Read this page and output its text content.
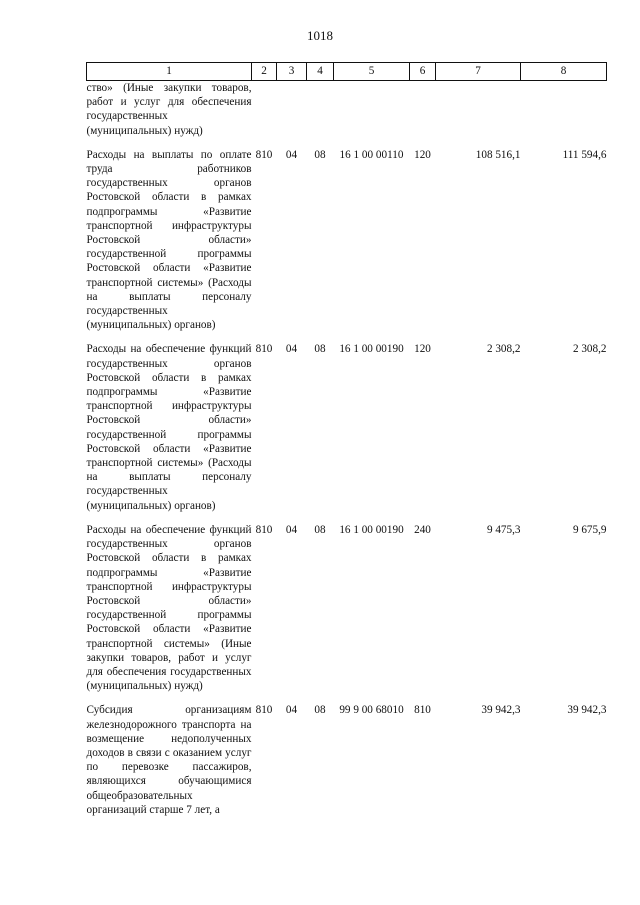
1018
1	2	3	4	5	6	7	8
ство» (Иные закупки товаров, работ и услуг для обеспечения государственных (муниципальных) нужд)							

Расходы на выплаты по оплате труда работников государственных органов Ростовской области в рамках подпрограммы «Развитие транспортной инфраструктуры Ростовской области» государственной программы Ростовской области «Развитие транспортной системы» (Расходы на выплаты персоналу государственных (муниципальных) органов)	810	04	08	16 1 00 00110	120	108 516,1	111 594,6

Расходы на обеспечение функций государственных органов Ростовской области в рамках подпрограммы «Развитие транспортной инфраструктуры Ростовской области» государственной программы Ростовской области «Развитие транспортной системы» (Расходы на выплаты персоналу государственных (муниципальных) органов)	810	04	08	16 1 00 00190	120	2 308,2	2 308,2

Расходы на обеспечение функций государственных органов Ростовской области в рамках подпрограммы «Развитие транспортной инфраструктуры Ростовской области» государственной программы Ростовской области «Развитие транспортной системы» (Иные закупки товаров, работ и услуг для обеспечения государственных (муниципальных) нужд)	810	04	08	16 1 00 00190	240	9 475,3	9 675,9

Субсидия организациям железнодорожного транспорта на возмещение недополученных доходов в связи с оказанием услуг по перевозке пассажиров, являющихся обучающимися общеобразовательных организаций старше 7 лет, а	810	04	08	99 9 00 68010	810	39 942,3	39 942,3
